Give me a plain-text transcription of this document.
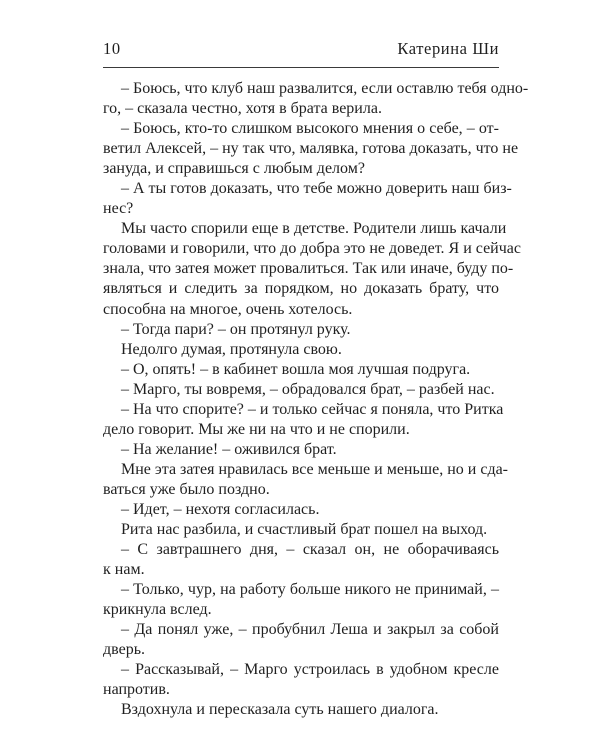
10	Катерина Ши
– Боюсь, что клуб наш развалится, если оставлю тебя одно-
го, – сказала честно, хотя в брата верила.
– Боюсь, кто-то слишком высокого мнения о себе, – от-
ветил Алексей, – ну так что, малявка, готова доказать, что не
зануда, и справишься с любым делом?
– А ты готов доказать, что тебе можно доверить наш биз-
нес?
Мы часто спорили еще в детстве. Родители лишь качали
головами и говорили, что до добра это не доведет. Я и сейчас
знала, что затея может провалиться. Так или иначе, буду по-
являться и следить за порядком, но доказать брату, что
способна на многое, очень хотелось.
– Тогда пари? – он протянул руку.
Недолго думая, протянула свою.
– О, опять! – в кабинет вошла моя лучшая подруга.
– Марго, ты вовремя, – обрадовался брат, – разбей нас.
– На что спорите? – и только сейчас я поняла, что Ритка
дело говорит. Мы же ни на что и не спорили.
– На желание! – оживился брат.
Мне эта затея нравилась все меньше и меньше, но и сда-
ваться уже было поздно.
– Идет, – нехотя согласилась.
Рита нас разбила, и счастливый брат пошел на выход.
– С завтрашнего дня, – сказал он, не оборачиваясь
к нам.
– Только, чур, на работу больше никого не принимай, –
крикнула вслед.
– Да понял уже, – пробубнил Леша и закрыл за собой
дверь.
– Рассказывай, – Марго устроилась в удобном кресле
напротив.
Вздохнула и пересказала суть нашего диалога.
